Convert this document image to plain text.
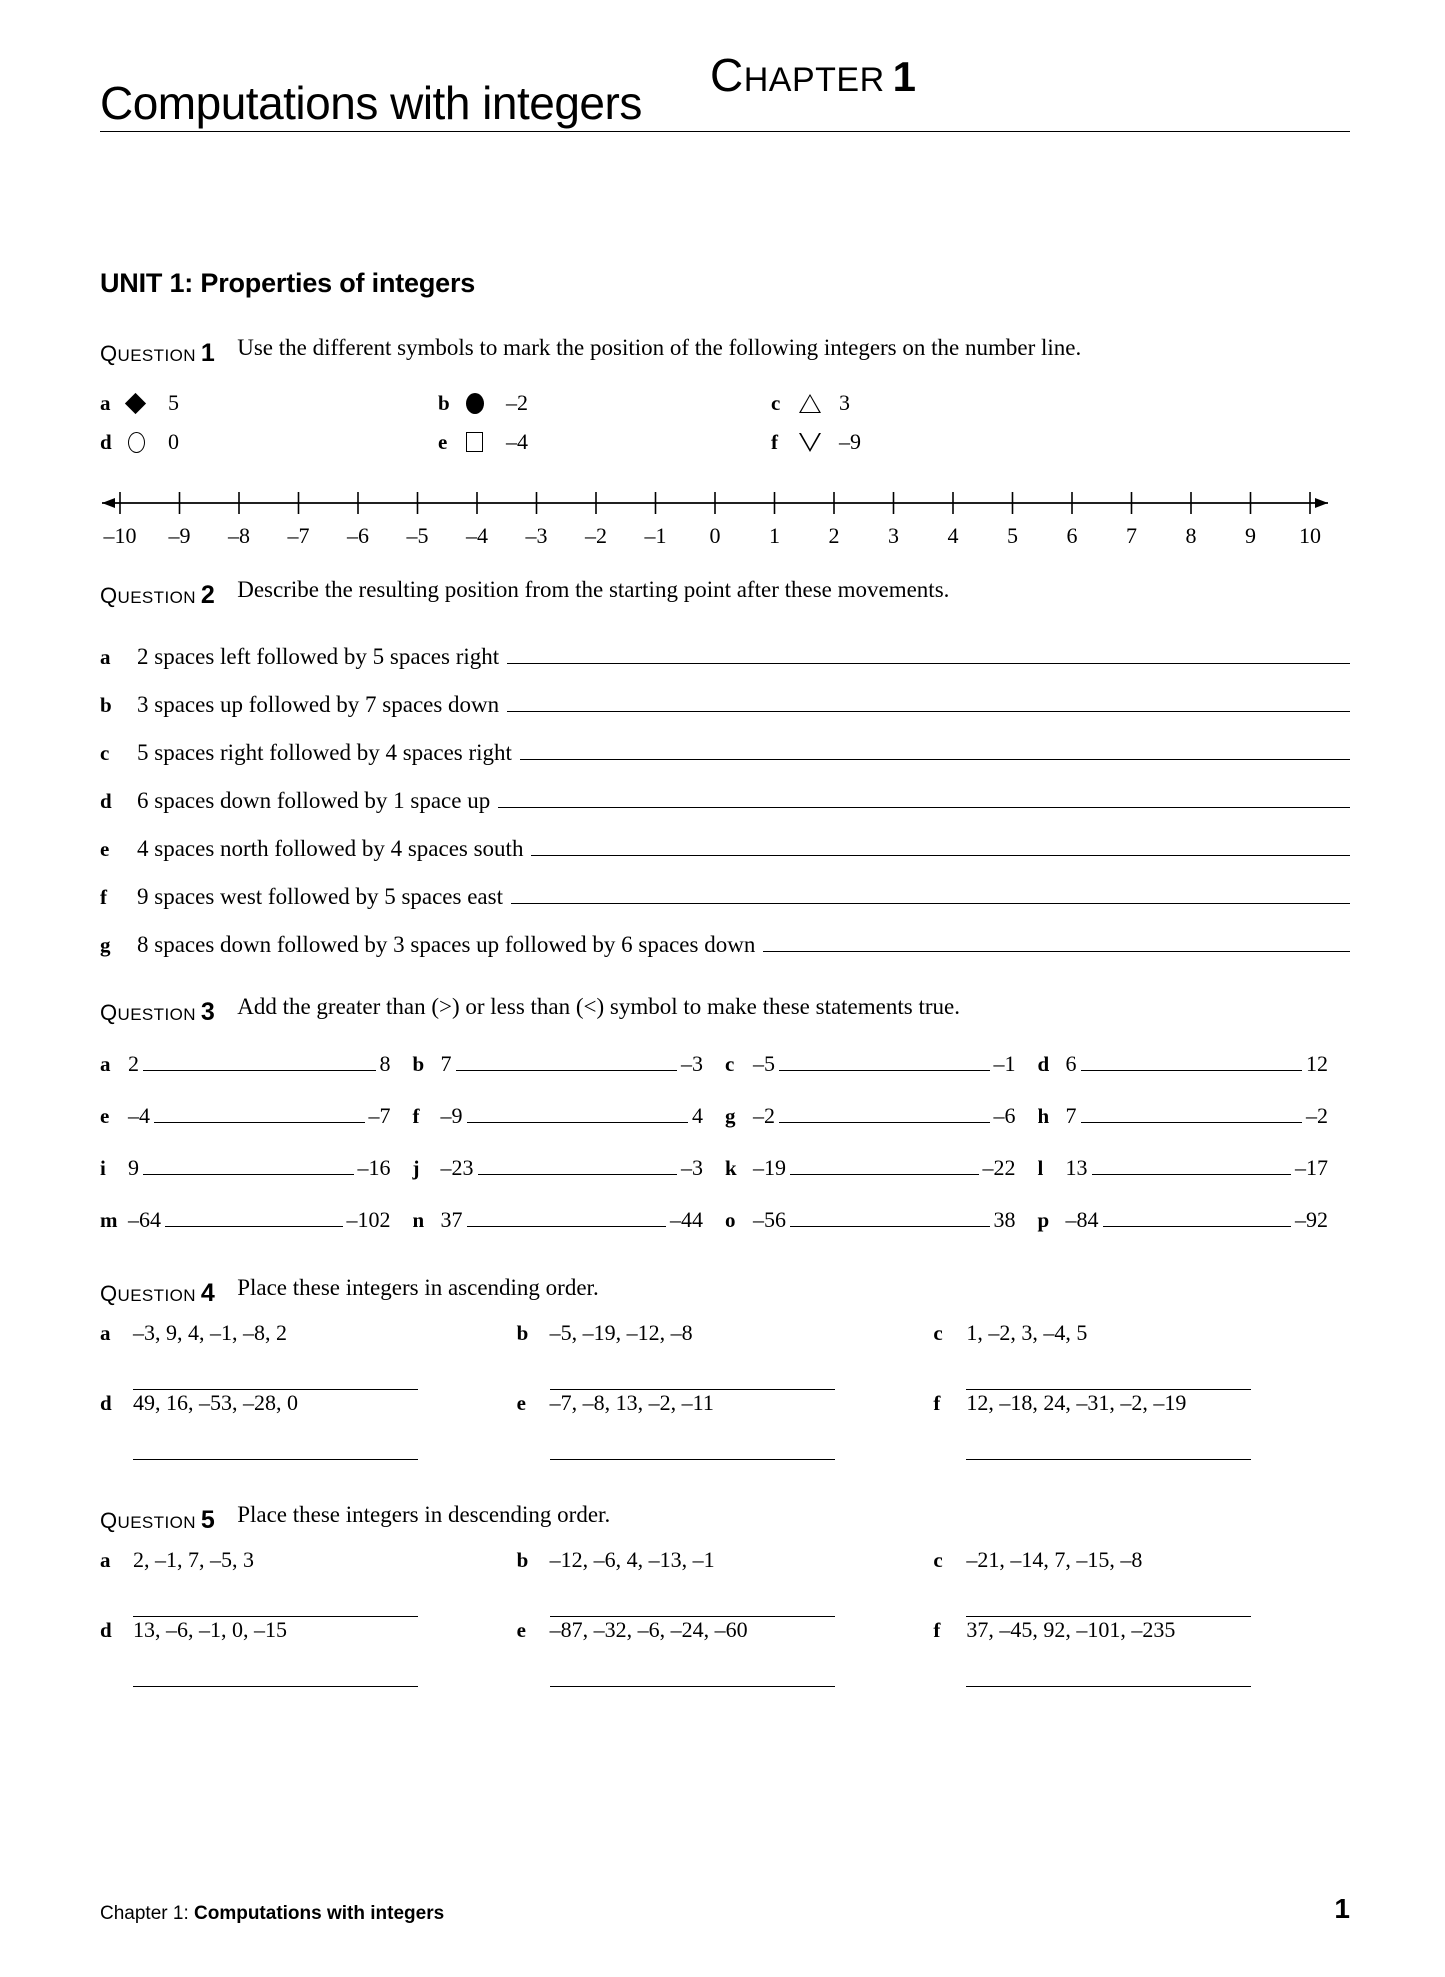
CHAPTER 1
Computations with integers
UNIT 1: Properties of integers
QUESTION 1 Use the different symbols to mark the position of the following integers on the number line.
a	5	b	–2	c	3
d	0	e	–4	f	–9
–10 –9 –8 –7 –6 –5 –4 –3 –2 –1 0 1 2 3 4 5 6 7 8 9 10
QUESTION 2 Describe the resulting position from the starting point after these movements.
a	2 spaces left followed by 5 spaces right
b	3 spaces up followed by 7 spaces down
c	5 spaces right followed by 4 spaces right
d	6 spaces down followed by 1 space up
e	4 spaces north followed by 4 spaces south
f	9 spaces west followed by 5 spaces east
g	8 spaces down followed by 3 spaces up followed by 6 spaces down
QUESTION 3 Add the greater than (>) or less than (<) symbol to make these statements true.
a 2	8 b 7	–3 c –5	–1 d 6	12
e –4	–7 f –9	4 g –2	–6 h 7	–2
i	9	–16 j –23	–3 k –19	–22 l	13	–17
m –64	–102 n 37	–44 o –56	38 p –84	–92
QUESTION 4 Place these integers in ascending order.
a	–3, 9, 4, –1, –8, 2	b –5, –19, –12, –8	c	1, –2, 3, –4, 5
d 49, 16, –53, –28, 0	e	–7, –8, 13, –2, –11	f	12, –18, 24, –31, –2, –19
QUESTION 5 Place these integers in descending order.
a	2, –1, 7, –5, 3	b –12, –6, 4, –13, –1	c	–21, –14, 7, –15, –8
d 13, –6, –1, 0, –15	e	–87, –32, –6, –24, –60	f	37, –45, 92, –101, –235
Chapter 1: Computations with integers	1
